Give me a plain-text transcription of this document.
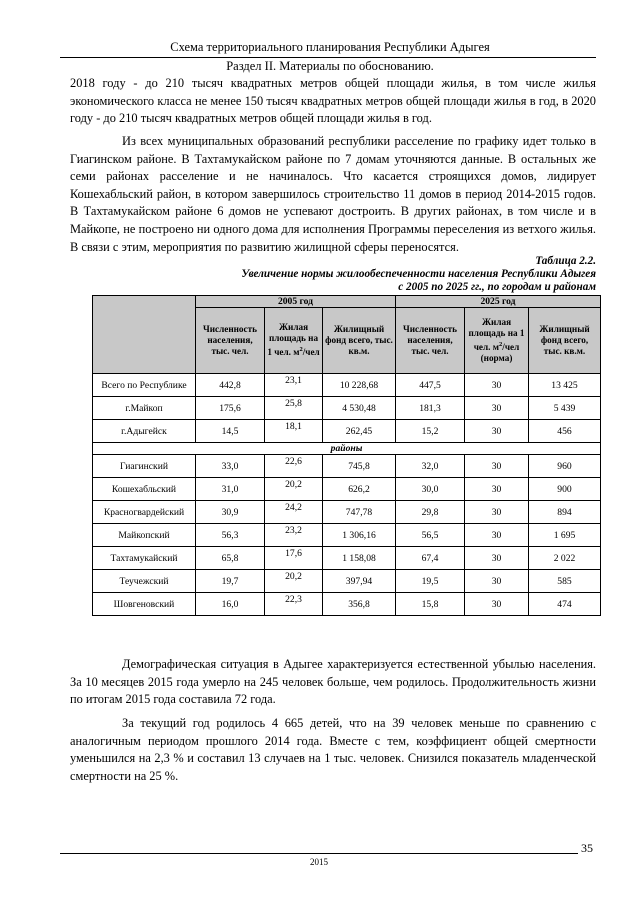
Схема территориального планирования Республики Адыгея
Раздел II. Материалы по обоснованию.

2018 году - до 210 тысяч квадратных метров общей площади жилья, в том числе жилья экономического класса не менее 150 тысяч квадратных метров общей площади жилья в год, в 2020 году - до 210 тысяч квадратных метров общей площади жилья в год.

Из всех муниципальных образований республики расселение по графику идет только в Гиагинском районе. В Тахтамукайском районе по 7 домам уточняются данные. В остальных же семи районах расселение и не начиналось. Что касается строящихся домов, лидирует Кошехабльский район, в котором завершилось строительство 11 домов в период 2014-2015 годов. В Тахтамукайском районе 6 домов не успевают достроить. В других районах, в том числе и в Майкопе, не построено ни одного дома для исполнения Программы переселения из ветхого жилья. В связи с этим, мероприятия по развитию жилищной сферы переносятся.

Таблица 2.2.
Увеличение нормы жилообеспеченности населения Республики Адыгея
с 2005 по 2025 гг., по городам и районам
	2005 год			2025 год		
	Численность населения, тыс. чел.	Жилая площадь на 1 чел. $м^2$/чел	Жилищный фонд всего, тыс. кв.м.	Численность населения, тыс. чел.	Жилая площадь на 1 чел. $м^2$/чел (норма)	Жилищный фонд всего, тыс. кв.м.
Всего по Республике	442,8	23,1	10 228,68	447,5	30	13 425
г.Майкоп	175,6	25,8	4 530,48	181,3	30	5 439
г.Адыгейск	14,5	18,1	262,45	15,2	30	456
районы						
Гиагинский	33,0	22,6	745,8	32,0	30	960
Кошехабльский	31,0	20,2	626,2	30,0	30	900
Красногвардейский	30,9	24,2	747,78	29,8	30	894
Майкопский	56,3	23,2	1 306,16	56,5	30	1 695
Тахтамукайский	65,8	17,6	1 158,08	67,4	30	2 022
Теучежский	19,7	20,2	397,94	19,5	30	585
Шовгеновский	16,0	22,3	356,8	15,8	30	474

Демографическая ситуация в Адыгее характеризуется естественной убылью населения. За 10 месяцев 2015 года умерло на 245 человек больше, чем родилось. Продолжительность жизни по итогам 2015 года составила 72 года.

За текущий год родилось 4 665 детей, что на 39 человек меньше по сравнению с аналогичным периодом прошлого 2014 года. Вместе с тем, коэффициент общей смертности уменьшился на 2,3 % и составил 13 случаев на 1 тыс. человек. Снизился показатель младенческой смертности на 25 %.

35
2015
